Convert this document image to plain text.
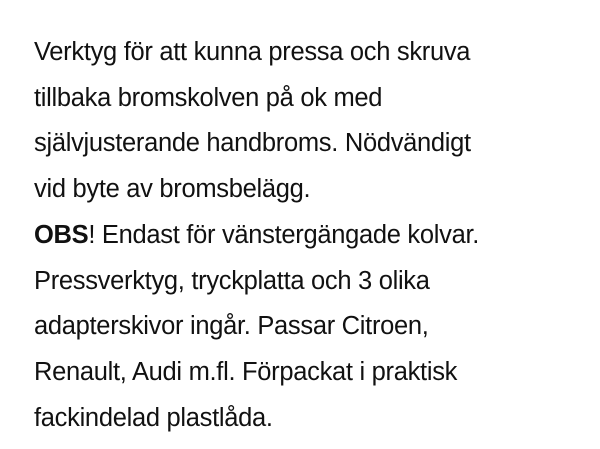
Verktyg för att kunna pressa och skruva
tillbaka bromskolven på ok med
självjusterande handbroms. Nödvändigt
vid byte av bromsbelägg.

OBS! Endast för vänstergängade kolvar.
Pressverktyg, tryckplatta och 3 olika
adapterskivor ingår. Passar Citroen,
Renault, Audi m.fl. Förpackat i praktisk
fackindelad plastlåda.
